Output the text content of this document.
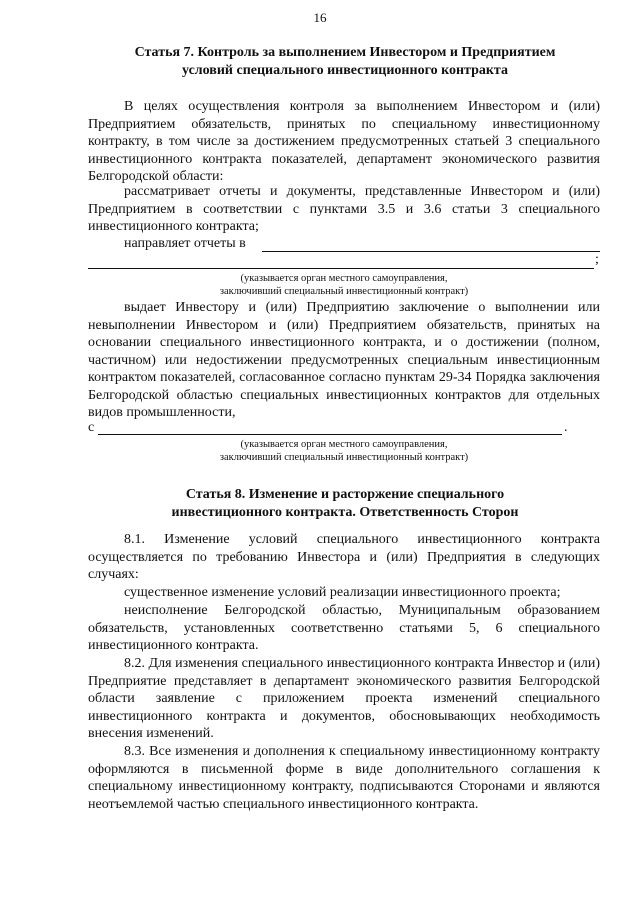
16
Статья 7. Контроль за выполнением Инвестором и Предприятием
условий специального инвестиционного контракта
В целях осуществления контроля за выполнением Инвестором и (или) Предприятием обязательств, принятых по специальному инвестиционному контракту, в том числе за достижением предусмотренных статьей 3 специального инвестиционного контракта показателей, департамент экономического развития Белгородской области:
рассматривает отчеты и документы, представленные Инвестором и (или) Предприятием в соответствии с пунктами 3.5 и 3.6 статьи 3 специального инвестиционного контракта;
направляет отчеты в
;
(указывается орган местного самоуправления,
заключивший специальный инвестиционный контракт)
выдает Инвестору и (или) Предприятию заключение о выполнении или невыполнении Инвестором и (или) Предприятием обязательств, принятых на основании специального инвестиционного контракта, и о достижении (полном, частичном) или недостижении предусмотренных специальным инвестиционным контрактом показателей, согласованное согласно пунктам 29-34 Порядка заключения Белгородской областью специальных инвестиционных контрактов для отдельных видов промышленности,
с	.
(указывается орган местного самоуправления,
заключивший специальный инвестиционный контракт)
Статья 8. Изменение и расторжение специального
инвестиционного контракта. Ответственность Сторон
8.1. Изменение условий специального инвестиционного контракта осуществляется по требованию Инвестора и (или) Предприятия в следующих случаях:
существенное изменение условий реализации инвестиционного проекта;
неисполнение Белгородской областью, Муниципальным образованием обязательств, установленных соответственно статьями 5, 6 специального инвестиционного контракта.
8.2. Для изменения специального инвестиционного контракта Инвестор и (или) Предприятие представляет в департамент экономического развития Белгородской области заявление с приложением проекта изменений специального инвестиционного контракта и документов, обосновывающих необходимость внесения изменений.
8.3. Все изменения и дополнения к специальному инвестиционному контракту оформляются в письменной форме в виде дополнительного соглашения к специальному инвестиционному контракту, подписываются Сторонами и являются неотъемлемой частью специального инвестиционного контракта.
